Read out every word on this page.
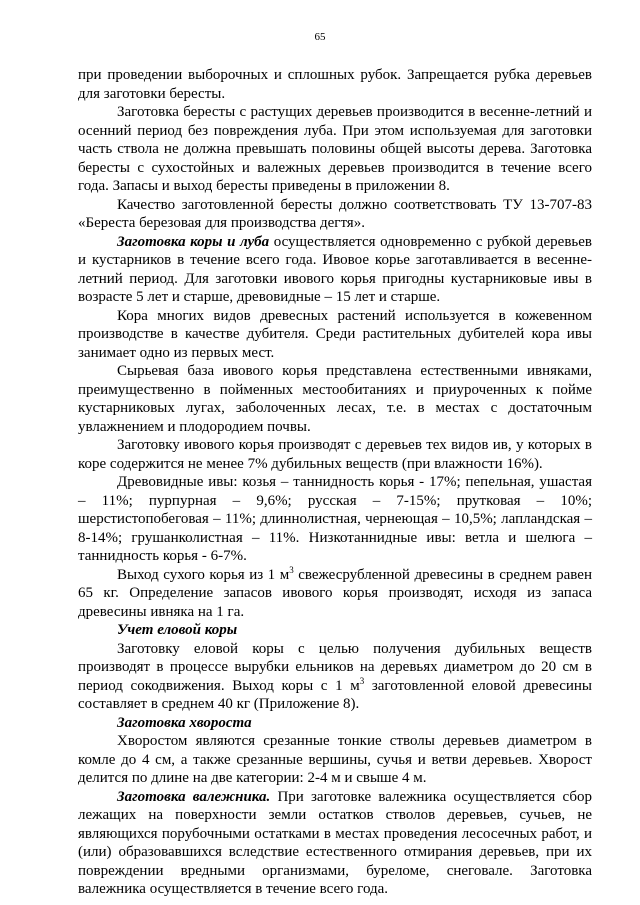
65

при проведении выборочных и сплошных рубок. Запрещается рубка деревьев для заготовки бересты.

Заготовка бересты с растущих деревьев производится в весенне-летний и осенний период без повреждения луба. При этом используемая для заготовки часть ствола не должна превышать половины общей высоты дерева. Заготовка бересты с сухостойных и валежных деревьев производится в течение всего года. Запасы и выход бересты приведены в приложении 8.

Качество заготовленной бересты должно соответствовать ТУ 13-707-83 «Береста березовая для производства дегтя».

Заготовка коры и луба осуществляется одновременно с рубкой деревьев и кустарников в течение всего года. Ивовое корье заготавливается в весенне-летний период. Для заготовки ивового корья пригодны кустарниковые ивы в возрасте 5 лет и старше, древовидные – 15 лет и старше.

Кора многих видов древесных растений используется в кожевенном производстве в качестве дубителя. Среди растительных дубителей кора ивы занимает одно из первых мест.

Сырьевая база ивового корья представлена естественными ивняками, преимущественно в пойменных местообитаниях и приуроченных к пойме кустарниковых лугах, заболоченных лесах, т.е. в местах с достаточным увлажнением и плодородием почвы.

Заготовку ивового корья производят с деревьев тех видов ив, у которых в коре содержится не менее 7% дубильных веществ (при влажности 16%).

Древовидные ивы: козья – таннидность корья - 17%; пепельная, ушастая – 11%; пурпурная – 9,6%; русская – 7-15%; прутковая – 10%; шерстистопобеговая – 11%; длиннолистная, чернеющая – 10,5%; лапландская – 8-14%; грушанколистная – 11%. Низкотаннидные ивы: ветла и шелюга – таннидность корья - 6-7%.

Выход сухого корья из 1 $м^3$ свежесрубленной древесины в среднем равен 65 кг. Определение запасов ивового корья производят, исходя из запаса древесины ивняка на 1 га.

Учет еловой коры

Заготовку еловой коры с целью получения дубильных веществ производят в процессе вырубки ельников на деревьях диаметром до 20 см в период сокодвижения. Выход коры с 1 $м^3$ заготовленной еловой древесины составляет в среднем 40 кг (Приложение 8).

Заготовка хвороста

Хворостом являются срезанные тонкие стволы деревьев диаметром в комле до 4 см, а также срезанные вершины, сучья и ветви деревьев. Хворост делится по длине на две категории: 2-4 м и свыше 4 м.

Заготовка валежника. При заготовке валежника осуществляется сбор лежащих на поверхности земли остатков стволов деревьев, сучьев, не являющихся порубочными остатками в местах проведения лесосечных работ, и (или) образовавшихся вследствие естественного отмирания деревьев, при их повреждении вредными организмами, буреломе, снеговале. Заготовка валежника осуществляется в течение всего года.
